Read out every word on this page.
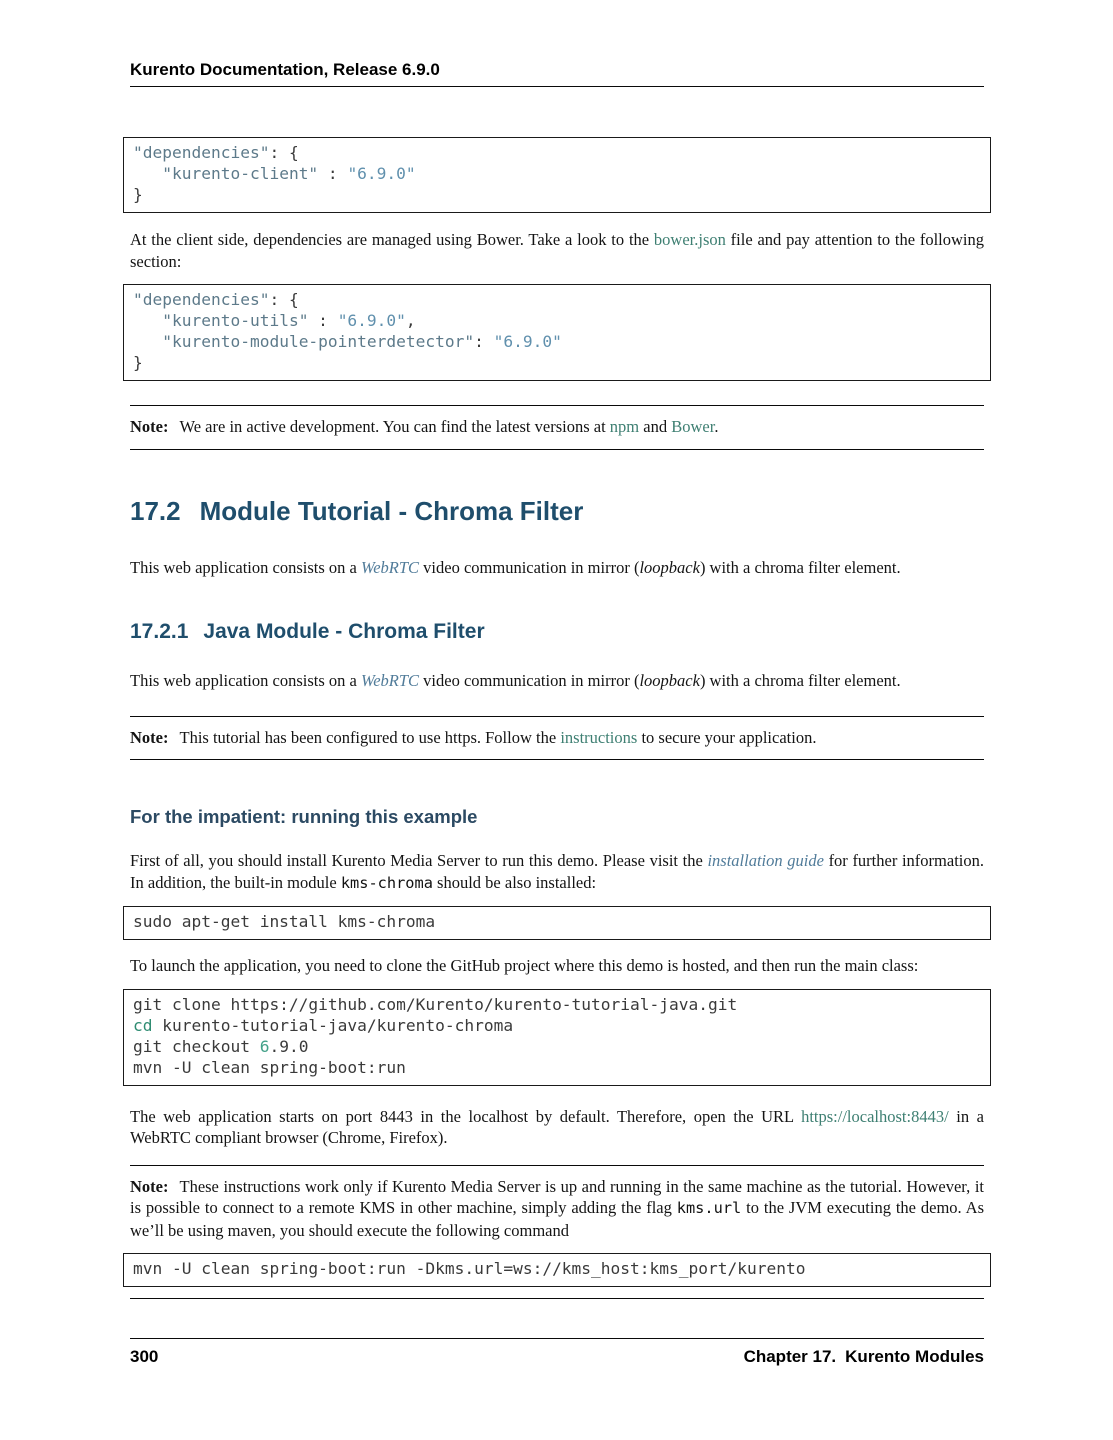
Kurento Documentation, Release 6.9.0
"dependencies": {
"kurento-client" : "6.9.0"
}

At the client side, dependencies are managed using Bower. Take a look to the bower.json file and pay attention to the following section:

"dependencies": {
"kurento-utils" : "6.9.0",
"kurento-module-pointerdetector": "6.9.0"
}

Note: We are in active development. You can find the latest versions at npm and Bower.

17.2 Module Tutorial - Chroma Filter

This web application consists on a WebRTC video communication in mirror (loopback) with a chroma filter element.

17.2.1 Java Module - Chroma Filter

This web application consists on a WebRTC video communication in mirror (loopback) with a chroma filter element.

Note: This tutorial has been configured to use https. Follow the instructions to secure your application.

For the impatient: running this example

First of all, you should install Kurento Media Server to run this demo. Please visit the installation guide for further information. In addition, the built-in module kms-chroma should be also installed:

sudo apt-get install kms-chroma

To launch the application, you need to clone the GitHub project where this demo is hosted, and then run the main class:

git clone https://github.com/Kurento/kurento-tutorial-java.git
cd kurento-tutorial-java/kurento-chroma
git checkout 6.9.0
mvn -U clean spring-boot:run

The web application starts on port 8443 in the localhost by default. Therefore, open the URL https://localhost:8443/ in a WebRTC compliant browser (Chrome, Firefox).

Note: These instructions work only if Kurento Media Server is up and running in the same machine as the tutorial. However, it is possible to connect to a remote KMS in other machine, simply adding the flag kms.url to the JVM executing the demo. As we’ll be using maven, you should execute the following command

mvn -U clean spring-boot:run -Dkms.url=ws://kms_host:kms_port/kurento
300	Chapter 17. Kurento Modules
